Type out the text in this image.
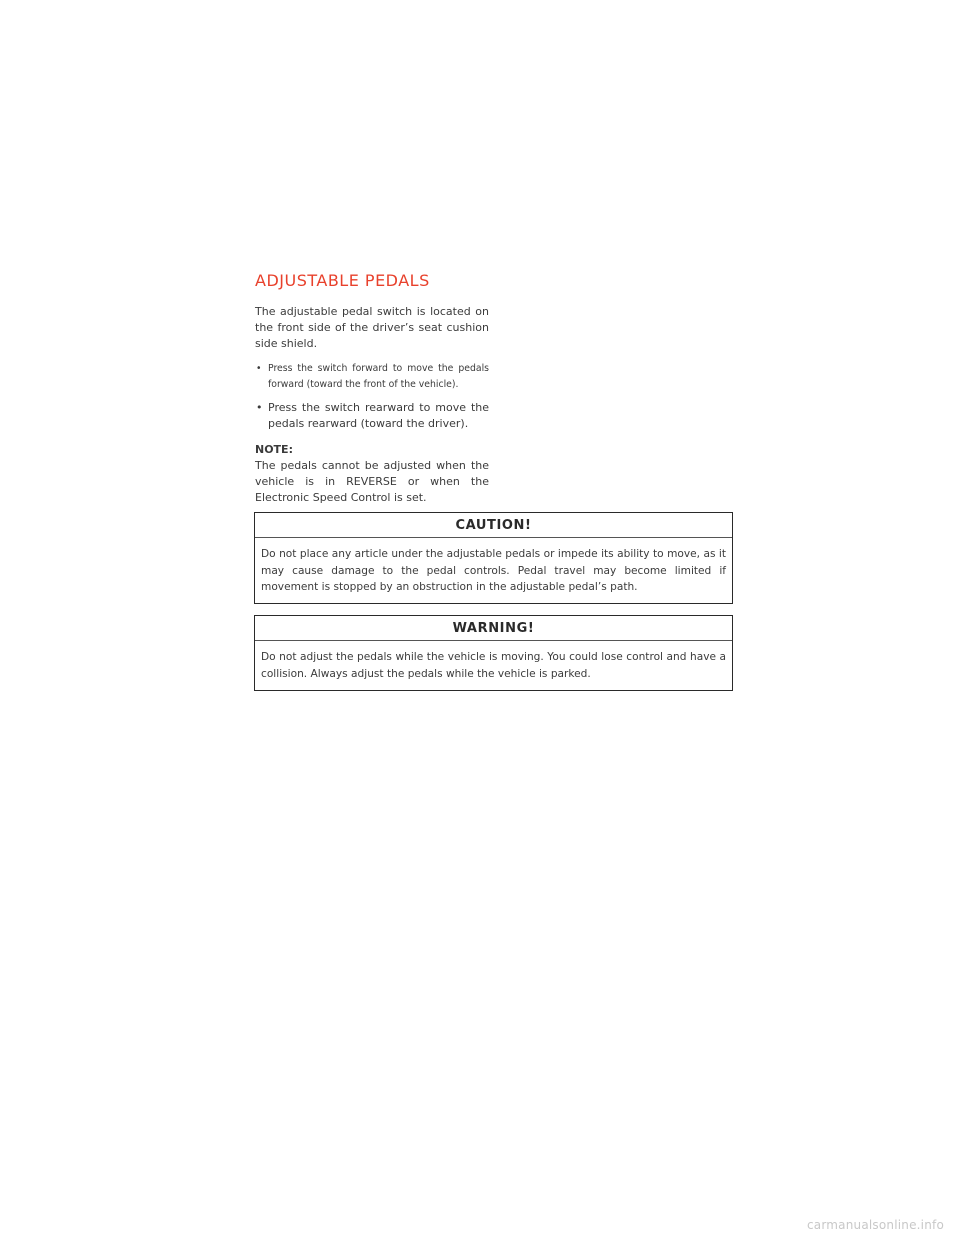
ADJUSTABLE PEDALS

The adjustable pedal switch is located on the front side of the driver’s seat cushion side shield.

• Press the switch forward to move the pedals forward (toward the front of the vehicle).
• Press the switch rearward to move the pedals rearward (toward the driver).

NOTE:

The pedals cannot be adjusted when the vehicle is in REVERSE or when the Electronic Speed Control is set.

CAUTION!
Do not place any article under the adjustable pedals or impede its ability to move, as it may cause damage to the pedal controls. Pedal travel may become limited if movement is stopped by an obstruction in the adjustable pedal’s path.
WARNING!
Do not adjust the pedals while the vehicle is moving. You could lose control and have a collision. Always adjust the pedals while the vehicle is parked.
carmanualsonline.info
